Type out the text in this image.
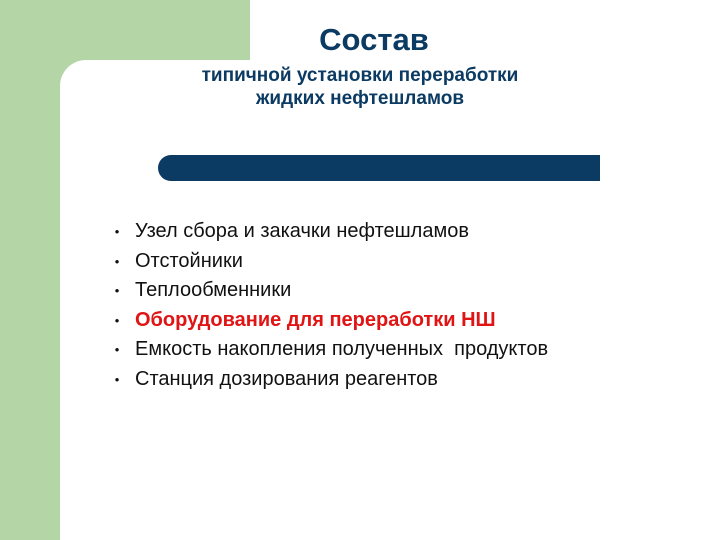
Состав
типичной установки переработки
жидких нефтешламов
• Узел сбора и закачки нефтешламов
• Отстойники
• Теплообменники
• Оборудование для переработки НШ
• Емкость накопления полученных  продуктов
• Станция дозирования реагентов
